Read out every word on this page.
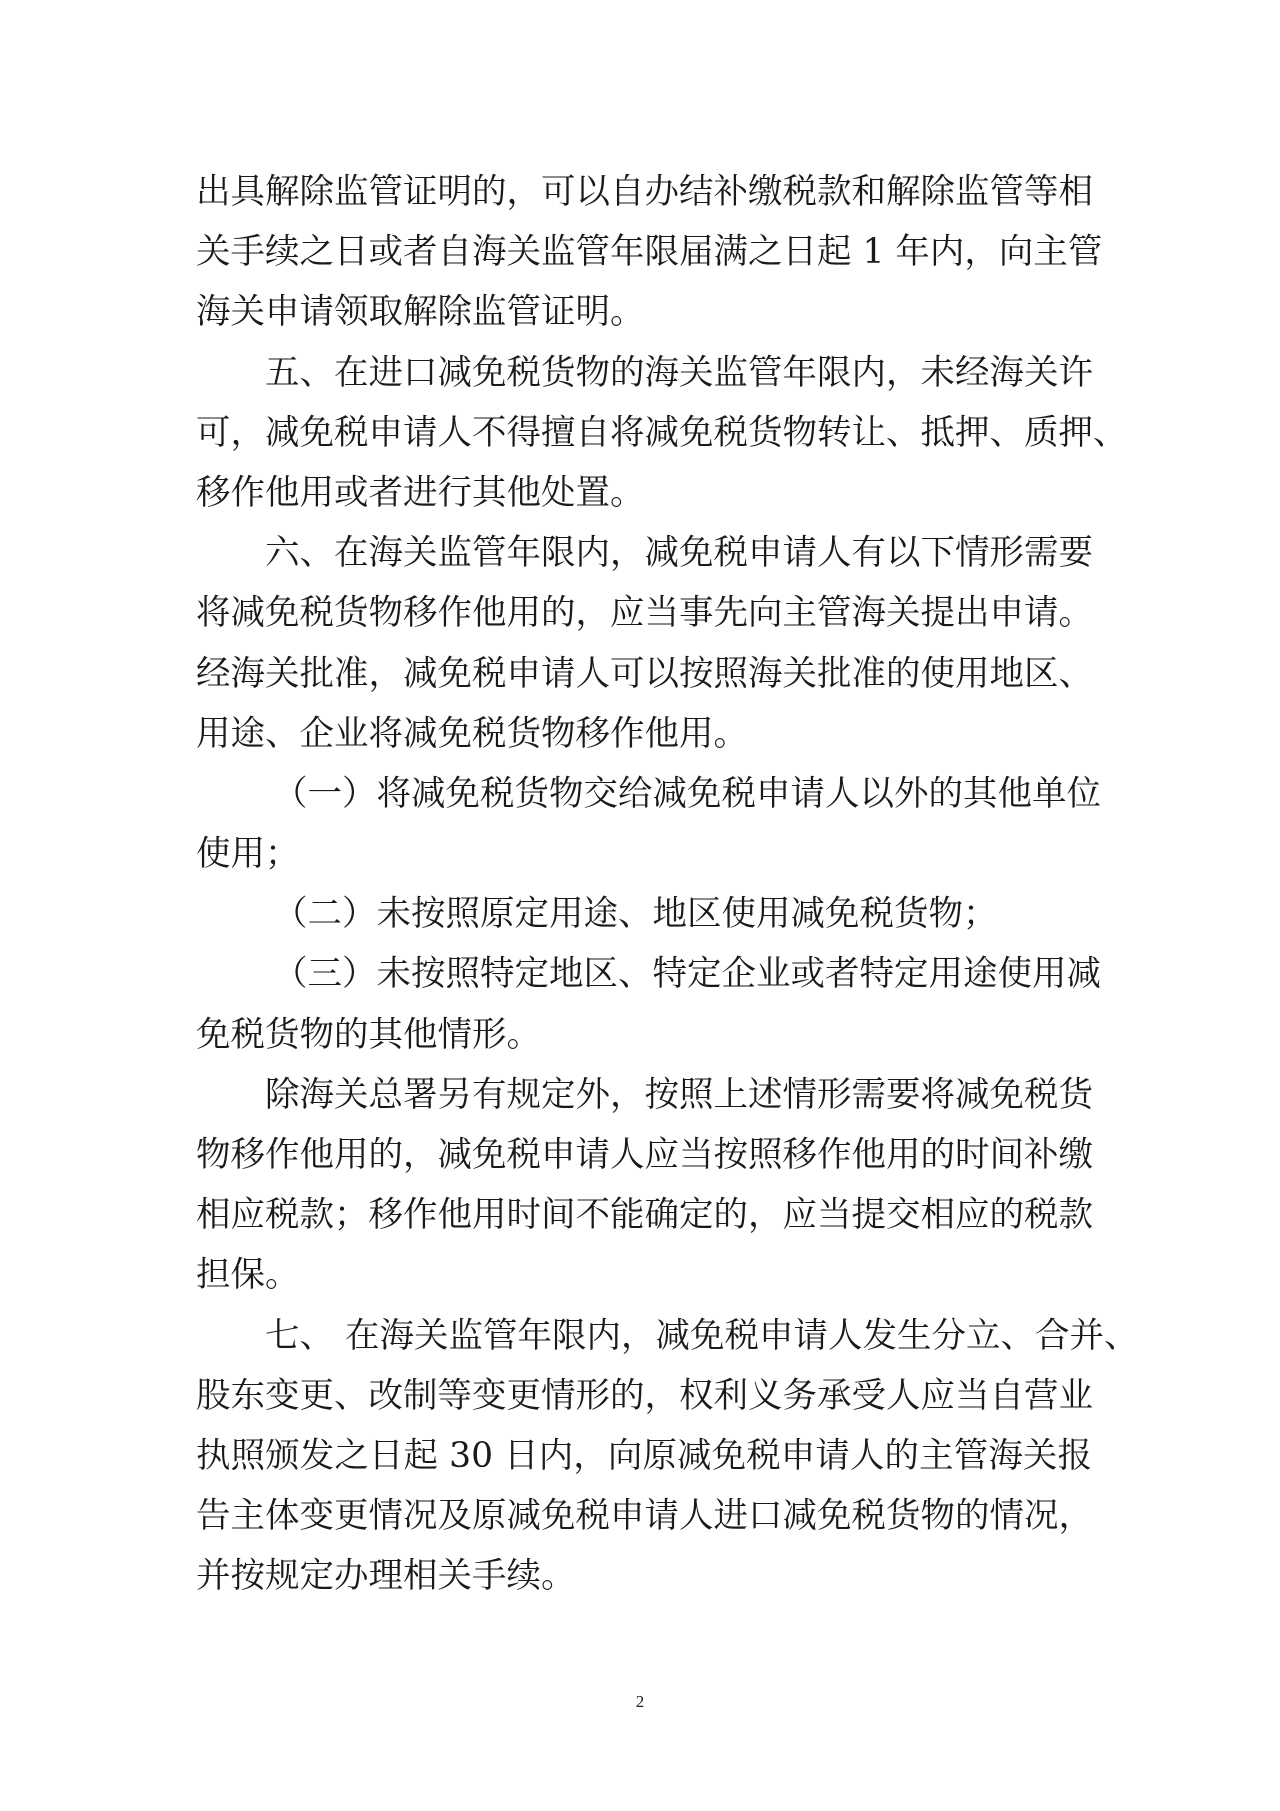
出具解除监管证明的，可以自办结补缴税款和解除监管等相
关手续之日或者自海关监管年限届满之日起 1 年内，向主管
海关申请领取解除监管证明。
五、在进口减免税货物的海关监管年限内，未经海关许
可，减免税申请人不得擅自将减免税货物转让、抵押、质押、
移作他用或者进行其他处置。
六、在海关监管年限内，减免税申请人有以下情形需要
将减免税货物移作他用的，应当事先向主管海关提出申请。
经海关批准，减免税申请人可以按照海关批准的使用地区、
用途、企业将减免税货物移作他用。
（一）将减免税货物交给减免税申请人以外的其他单位
使用；
（二）未按照原定用途、地区使用减免税货物；
（三）未按照特定地区、特定企业或者特定用途使用减
免税货物的其他情形。
除海关总署另有规定外，按照上述情形需要将减免税货
物移作他用的，减免税申请人应当按照移作他用的时间补缴
相应税款；移作他用时间不能确定的，应当提交相应的税款
担保。
七、 在海关监管年限内，减免税申请人发生分立、合并、
股东变更、改制等变更情形的，权利义务承受人应当自营业
执照颁发之日起 30 日内，向原减免税申请人的主管海关报
告主体变更情况及原减免税申请人进口减免税货物的情况，
并按规定办理相关手续。
2
